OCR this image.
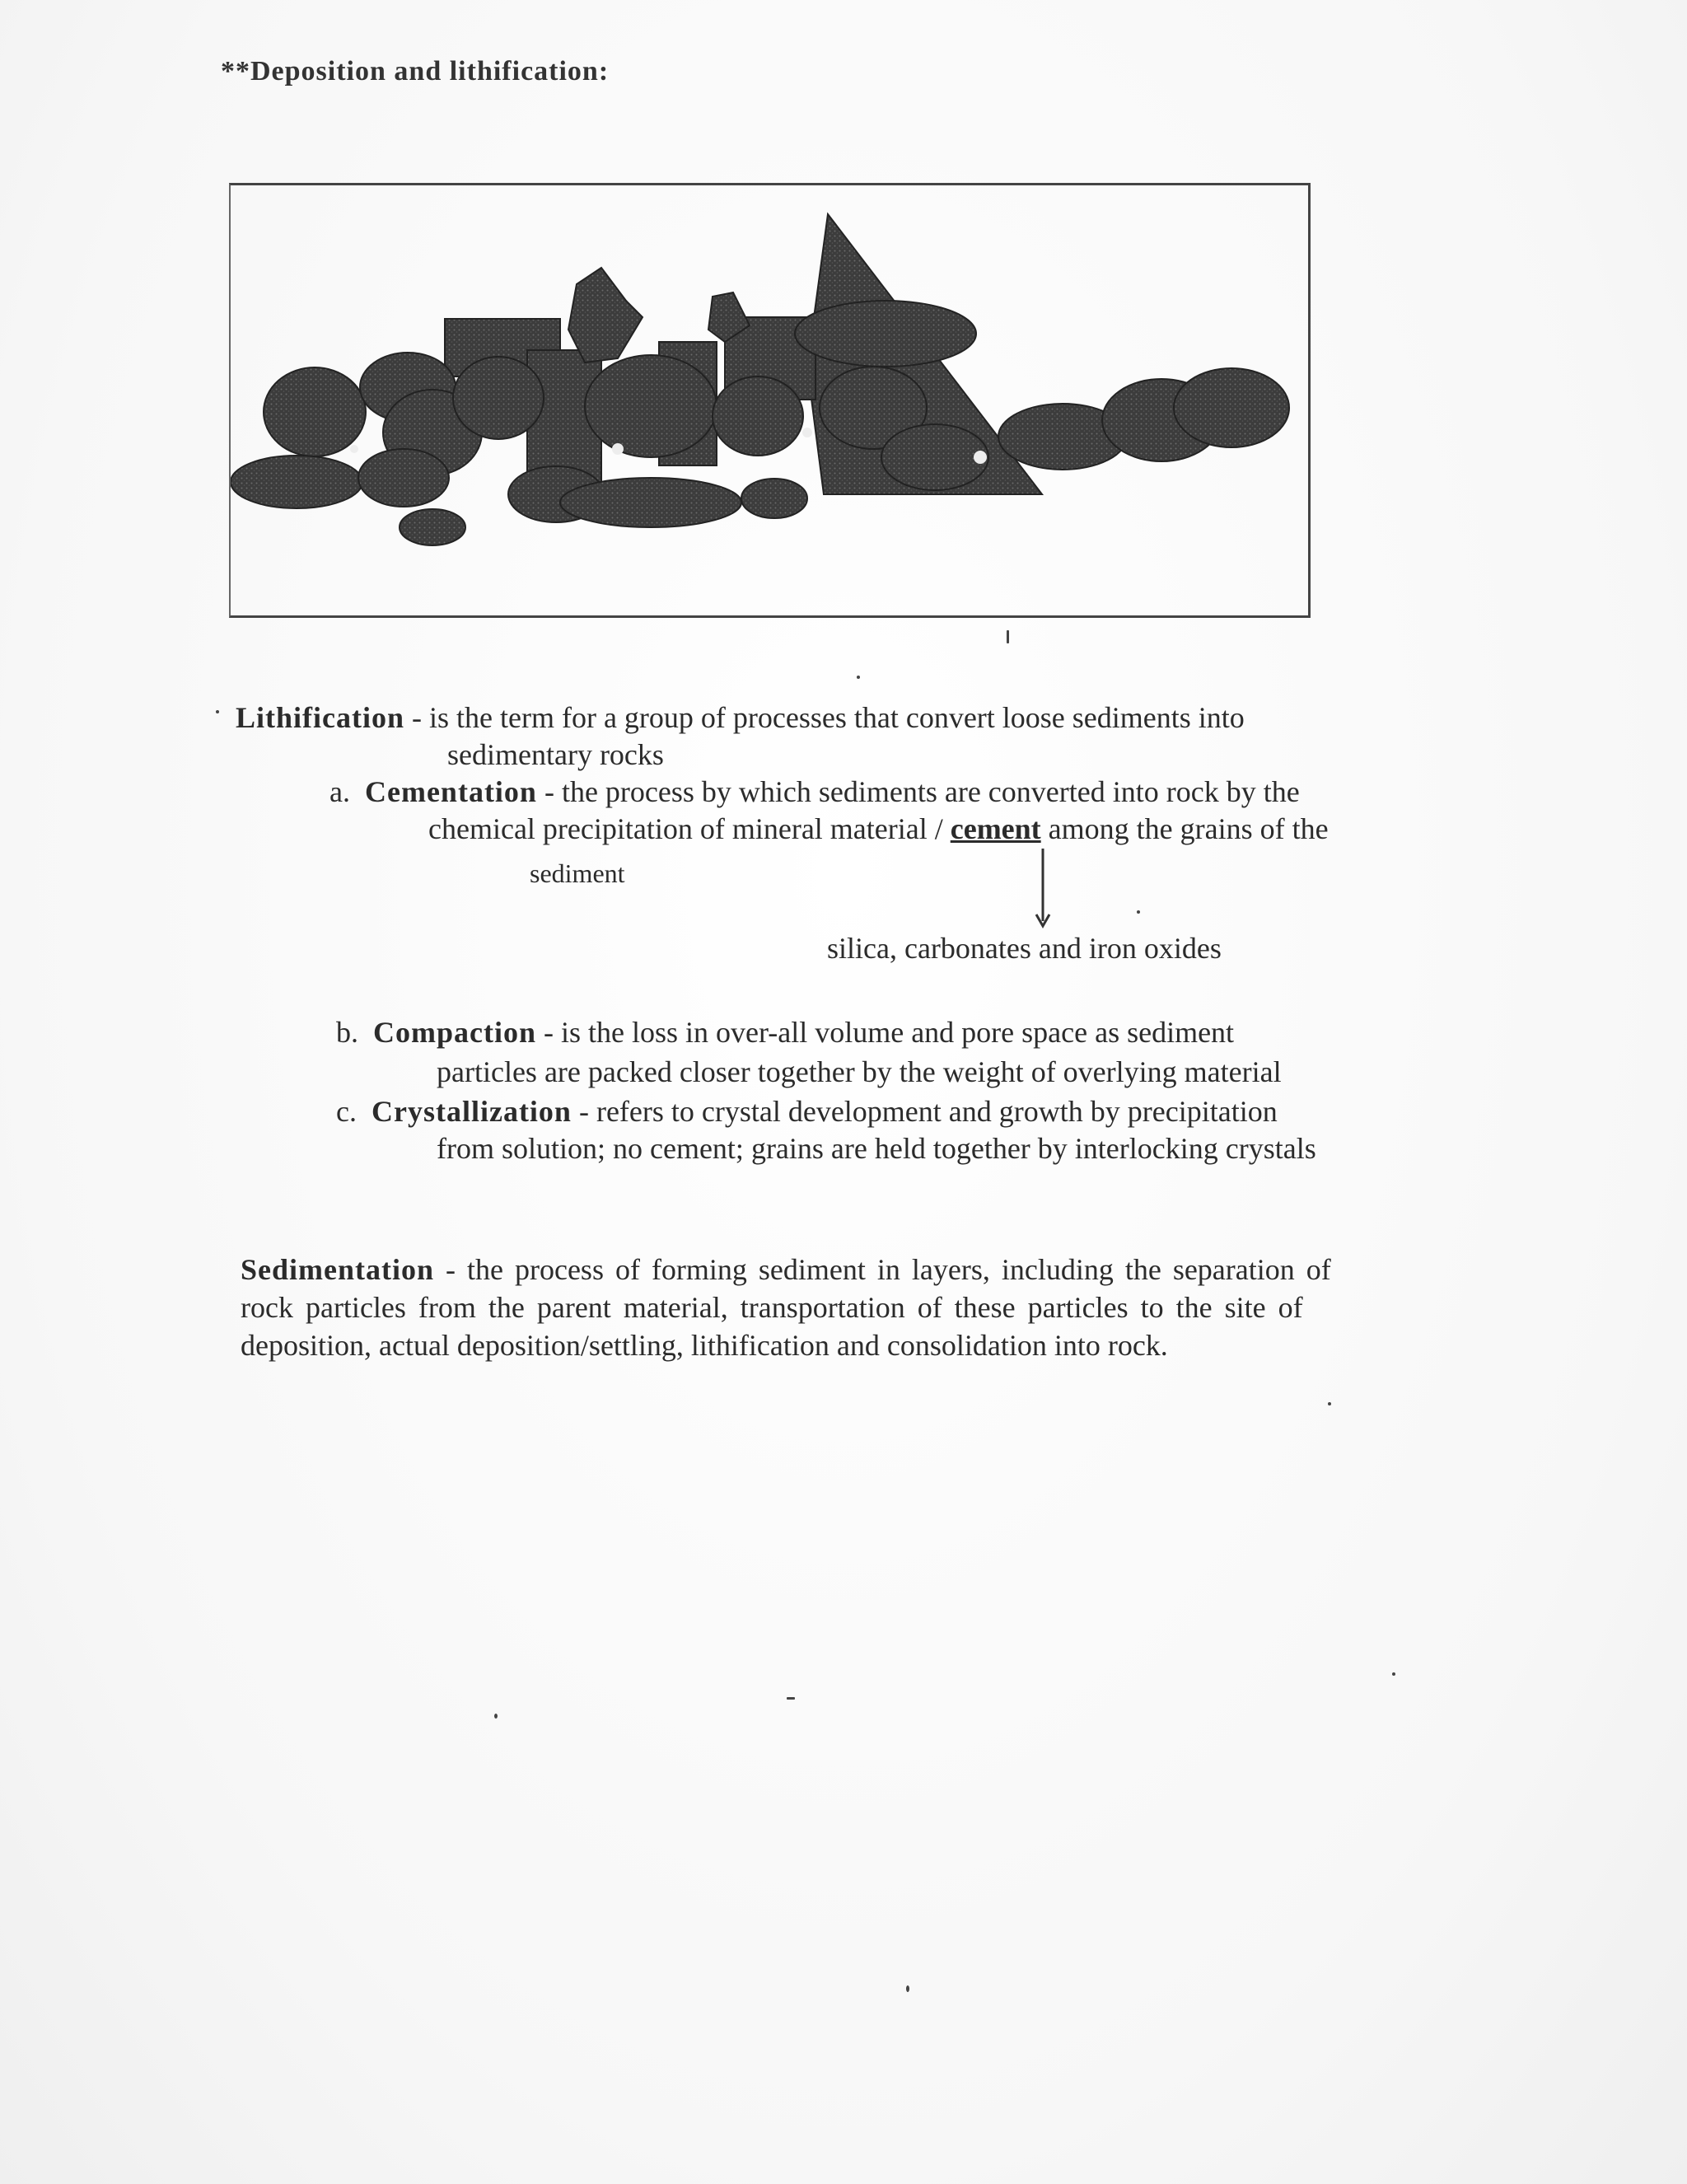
**Deposition and lithification:
Lithification - is the term for a group of processes that convert loose sediments into
sedimentary rocks
a. Cementation - the process by which sediments are converted into rock by the
chemical precipitation of mineral material / cement among the grains of the
sediment
silica, carbonates and iron oxides
b. Compaction - is the loss in over-all volume and pore space as sediment
particles are packed closer together by the weight of overlying material
c. Crystallization - refers to crystal development and growth by precipitation
from solution; no cement; grains are held together by interlocking crystals
Sedimentation - the process of forming sediment in layers, including the separation of
rock particles from the parent material, transportation of these particles to the site of
deposition, actual deposition/settling, lithification and consolidation into rock.
